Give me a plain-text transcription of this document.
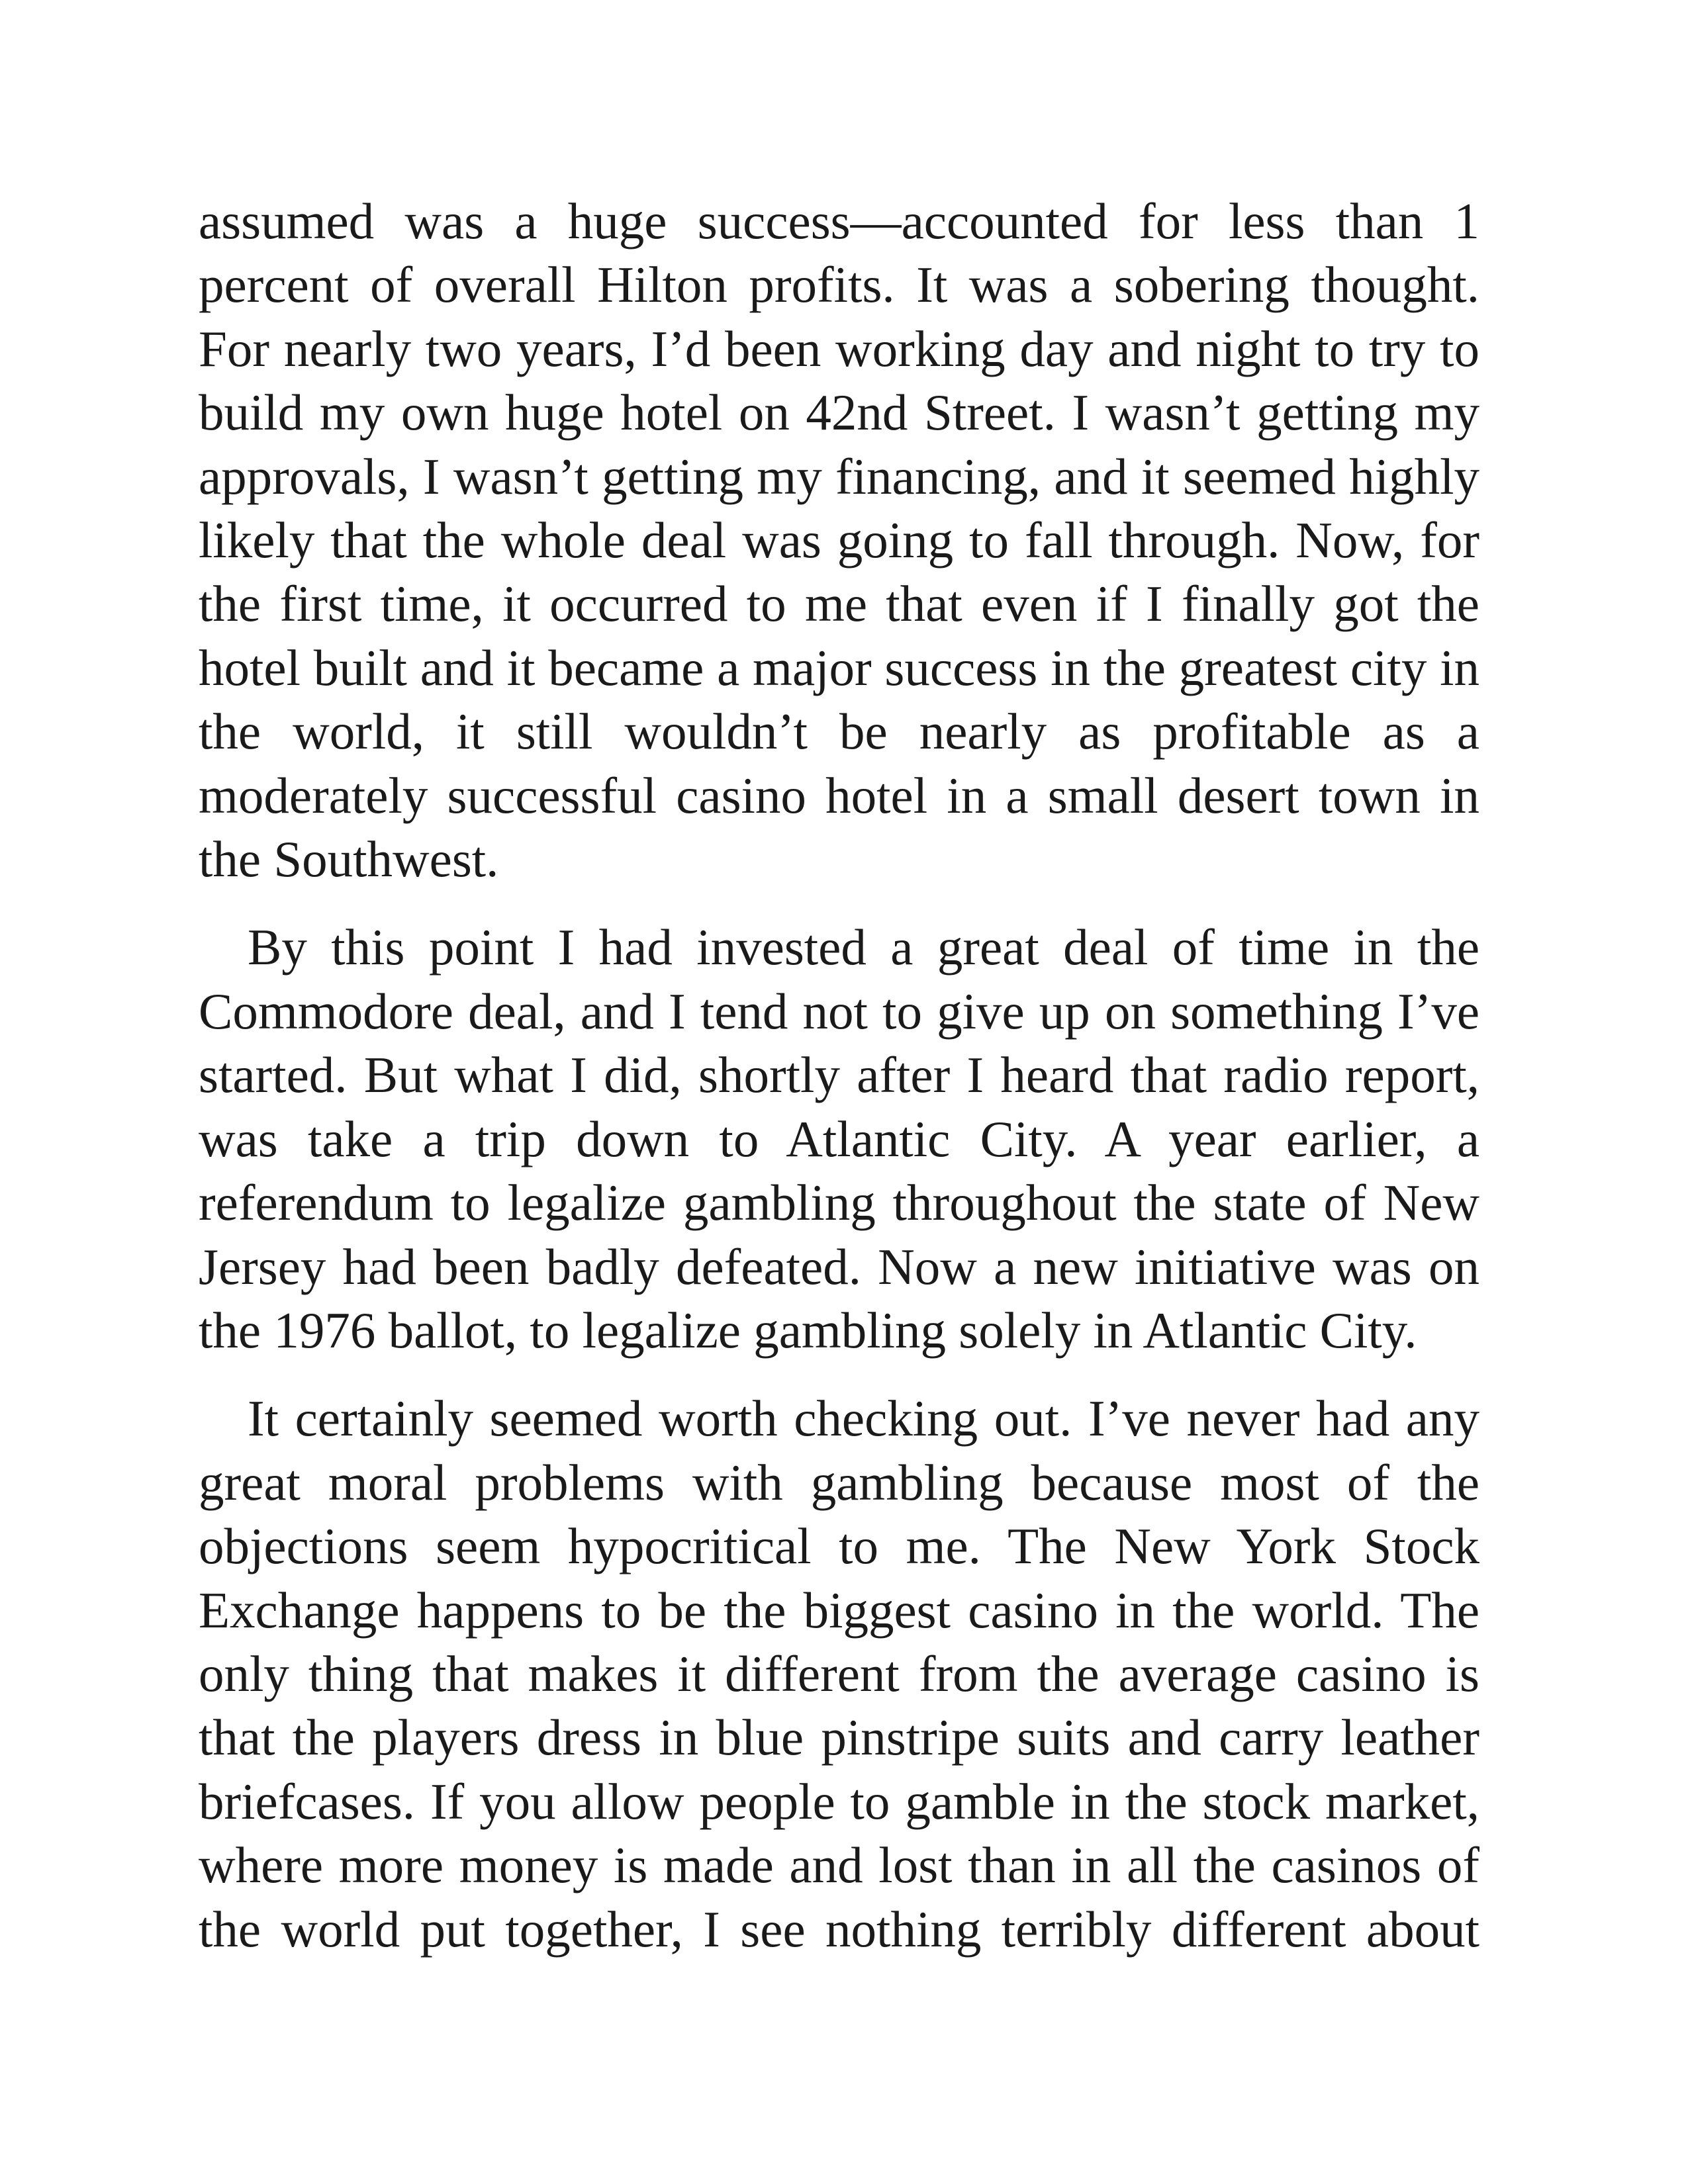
assumed was a huge success—accounted for less than 1 percent of overall Hilton profits. It was a sobering thought. For nearly two years, I’d been working day and night to try to build my own huge hotel on 42nd Street. I wasn’t getting my approvals, I wasn’t getting my financing, and it seemed highly likely that the whole deal was going to fall through. Now, for the first time, it occurred to me that even if I finally got the hotel built and it became a major success in the greatest city in the world, it still wouldn’t be nearly as profitable as a moderately successful casino hotel in a small desert town in the Southwest.

By this point I had invested a great deal of time in the Commodore deal, and I tend not to give up on something I’ve started. But what I did, shortly after I heard that radio report, was take a trip down to Atlantic City. A year earlier, a referendum to legalize gambling throughout the state of New Jersey had been badly defeated. Now a new initiative was on the 1976 ballot, to legalize gambling solely in Atlantic City.

It certainly seemed worth checking out. I’ve never had any great moral problems with gambling because most of the objections seem hypocritical to me. The New York Stock Exchange happens to be the biggest casino in the world. The only thing that makes it different from the average casino is that the players dress in blue pinstripe suits and carry leather briefcases. If you allow people to gamble in the stock market, where more money is made and lost than in all the casinos of the world put together, I see nothing terribly different about
